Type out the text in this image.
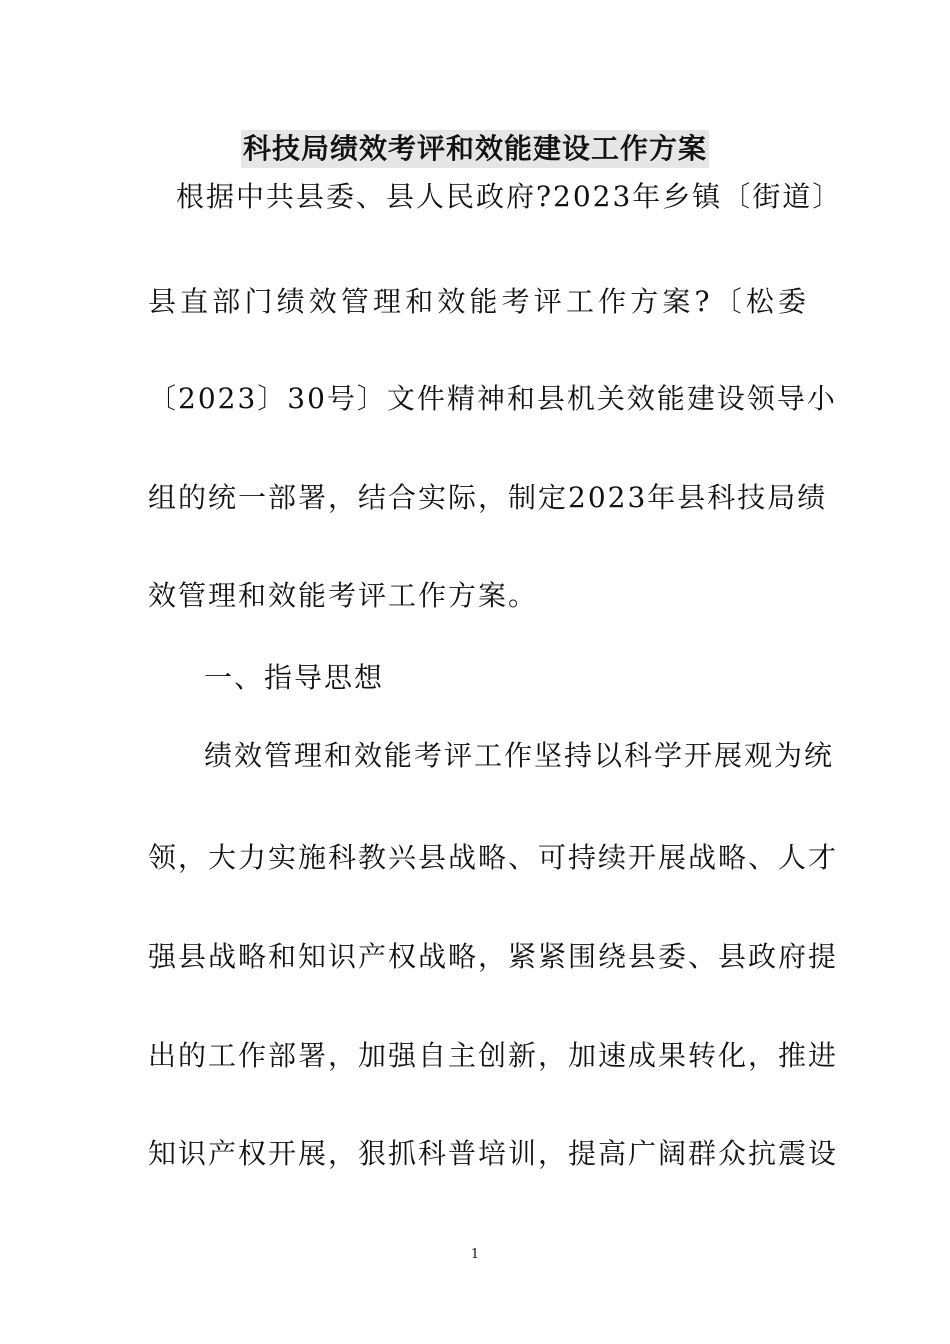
科技局绩效考评和效能建设工作方案
根据中共县委、县人民政府?2023年乡镇〔街道〕
县直部门绩效管理和效能考评工作方案?〔松委
〔2023〕30号〕文件精神和县机关效能建设领导小
组的统一部署，结合实际，制定2023年县科技局绩
效管理和效能考评工作方案。
一、指导思想
绩效管理和效能考评工作坚持以科学开展观为统
领，大力实施科教兴县战略、可持续开展战略、人才
强县战略和知识产权战略，紧紧围绕县委、县政府提
出的工作部署，加强自主创新，加速成果转化，推进
知识产权开展，狠抓科普培训，提高广阔群众抗震设
1
